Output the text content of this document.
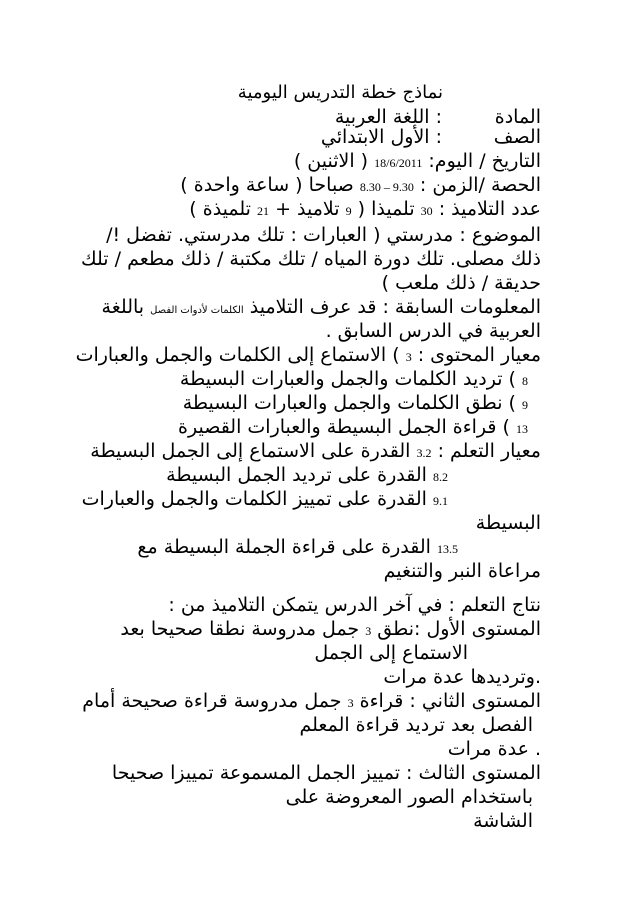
نماذج خطة التدريس اليومية
المادة
: اللغة العربية
الصف
: الأول الابتدائي
التاريخ / اليوم: 18/6/2011 ( الاثنين )
الحصة /الزمن : 8.30 – 9.30 صباحا ( ساعة واحدة )
عدد التلاميذ : 30 تلميذا ( 9 تلاميذ + 21 تلميذة )
الموضوع : مدرستي ( العبارات : تلك مدرستي. تفضل !/
ذلك مصلى. تلك دورة المياه / تلك مكتبة / ذلك مطعم / تلك
حديقة / ذلك ملعب )
المعلومات السابقة : قد عرف التلاميذ الكلمات لأدوات الفصل باللغة
العربية في الدرس السابق .
معيار المحتوى : 3 ) الاستماع إلى الكلمات والجمل والعبارات
8 ) ترديد الكلمات والجمل والعبارات البسيطة
9 ) نطق الكلمات والجمل والعبارات البسيطة
13 ) قراءة الجمل البسيطة والعبارات القصيرة
معيار التعلم : 3.2 القدرة على الاستماع إلى الجمل البسيطة
8.2 القدرة على ترديد الجمل البسيطة
9.1 القدرة على تمييز الكلمات والجمل والعبارات
البسيطة
13.5 القدرة على قراءة الجملة البسيطة مع
مراعاة النبر والتنغيم
نتاج التعلم : في آخر الدرس يتمكن التلاميذ من :
المستوى الأول :نطق 3 جمل مدروسة نطقا صحيحا بعد
الاستماع إلى الجمل
.وترديدها عدة مرات
المستوى الثاني : قراءة 3 جمل مدروسة قراءة صحيحة أمام
الفصل بعد ترديد قراءة المعلم
. عدة مرات
المستوى الثالث : تمييز الجمل المسموعة تمييزا صحيحا
باستخدام الصور المعروضة على
الشاشة
